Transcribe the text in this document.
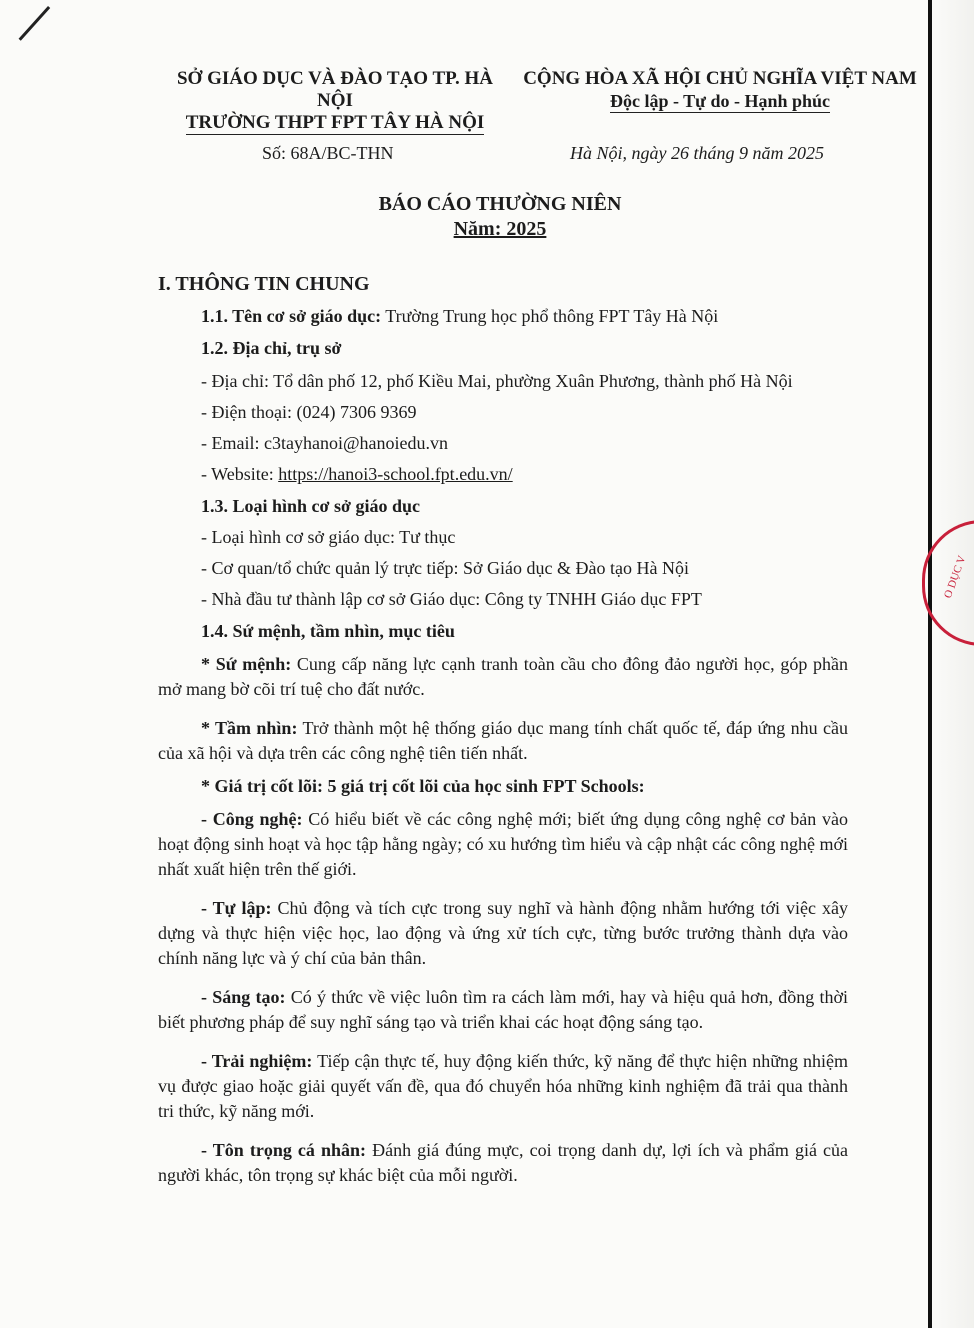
O DỤC V
SỞ GIÁO DỤC VÀ ĐÀO TẠO TP. HÀ NỘI
TRƯỜNG THPT FPT TÂY HÀ NỘI
CỘNG HÒA XÃ HỘI CHỦ NGHĨA VIỆT NAM
Độc lập - Tự do - Hạnh phúc
Số: 68A/BC-THN	Hà Nội, ngày 26 tháng 9 năm 2025
BÁO CÁO THƯỜNG NIÊN
Năm: 2025

I. THÔNG TIN CHUNG

1.1. Tên cơ sở giáo dục: Trường Trung học phổ thông FPT Tây Hà Nội

1.2. Địa chỉ, trụ sở

- Địa chỉ: Tổ dân phố 12, phố Kiều Mai, phường Xuân Phương, thành phố Hà Nội

- Điện thoại: (024) 7306 9369

- Email: c3tayhanoi@hanoiedu.vn

- Website: https://hanoi3-school.fpt.edu.vn/

1.3. Loại hình cơ sở giáo dục

- Loại hình cơ sở giáo dục: Tư thục

- Cơ quan/tổ chức quản lý trực tiếp: Sở Giáo dục & Đào tạo Hà Nội

- Nhà đầu tư thành lập cơ sở Giáo dục: Công ty TNHH Giáo dục FPT

1.4. Sứ mệnh, tầm nhìn, mục tiêu

* Sứ mệnh: Cung cấp năng lực cạnh tranh toàn cầu cho đông đảo người học, góp phần mở mang bờ cõi trí tuệ cho đất nước.

* Tầm nhìn: Trở thành một hệ thống giáo dục mang tính chất quốc tế, đáp ứng nhu cầu của xã hội và dựa trên các công nghệ tiên tiến nhất.

* Giá trị cốt lõi: 5 giá trị cốt lõi của học sinh FPT Schools:

- Công nghệ: Có hiểu biết về các công nghệ mới; biết ứng dụng công nghệ cơ bản vào hoạt động sinh hoạt và học tập hằng ngày; có xu hướng tìm hiểu và cập nhật các công nghệ mới nhất xuất hiện trên thế giới.

- Tự lập: Chủ động và tích cực trong suy nghĩ và hành động nhằm hướng tới việc xây dựng và thực hiện việc học, lao động và ứng xử tích cực, từng bước trưởng thành dựa vào chính năng lực và ý chí của bản thân.

- Sáng tạo: Có ý thức về việc luôn tìm ra cách làm mới, hay và hiệu quả hơn, đồng thời biết phương pháp để suy nghĩ sáng tạo và triển khai các hoạt động sáng tạo.

- Trải nghiệm: Tiếp cận thực tế, huy động kiến thức, kỹ năng để thực hiện những nhiệm vụ được giao hoặc giải quyết vấn đề, qua đó chuyển hóa những kinh nghiệm đã trải qua thành tri thức, kỹ năng mới.

- Tôn trọng cá nhân: Đánh giá đúng mực, coi trọng danh dự, lợi ích và phẩm giá của người khác, tôn trọng sự khác biệt của mỗi người.
